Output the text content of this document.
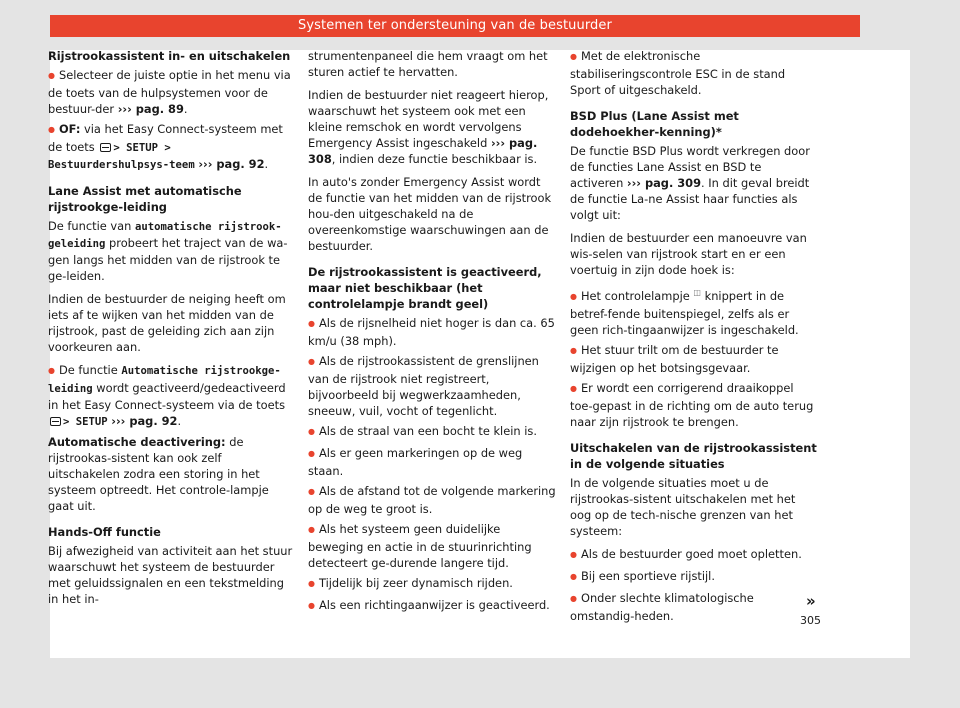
Systemen ter ondersteuning van de bestuurder

Rijstrookassistent in- en uitschakelen

● Selecteer de juiste optie in het menu via de toets van de hulpsystemen voor de bestuur-der ››› pag. 89.

● OF: via het Easy Connect-systeem met de toets > SETUP > Bestuurdershulpsys-teem ››› pag. 92.

Lane Assist met automatische rijstrookge-leiding

De functie van automatische rijstrook-geleiding probeert het traject van de wa-gen langs het midden van de rijstrook te ge-leiden.

Indien de bestuurder de neiging heeft om iets af te wijken van het midden van de rijstrook, past de geleiding zich aan zijn voorkeuren aan.

● De functie Automatische rijstrookge-leiding wordt geactiveerd/gedeactiveerd in het Easy Connect-systeem via de toets > SETUP ››› pag. 92.

Automatische deactivering: de rijstrookas-sistent kan ook zelf uitschakelen zodra een storing in het systeem optreedt. Het controle-lampje gaat uit.

Hands-Off functie

Bij afwezigheid van activiteit aan het stuur waarschuwt het systeem de bestuurder met geluidssignalen en een tekstmelding in het in-

strumentenpaneel die hem vraagt om het sturen actief te hervatten.

Indien de bestuurder niet reageert hierop, waarschuwt het systeem ook met een kleine remschok en wordt vervolgens Emergency Assist ingeschakeld ››› pag. 308, indien deze functie beschikbaar is.

In auto's zonder Emergency Assist wordt de functie van het midden van de rijstrook hou-den uitgeschakeld na de overeenkomstige waarschuwingen aan de bestuurder.

De rijstrookassistent is geactiveerd, maar niet beschikbaar (het controlelampje brandt geel)

● Als de rijsnelheid niet hoger is dan ca. 65 km/u (38 mph).

● Als de rijstrookassistent de grenslijnen van de rijstrook niet registreert, bijvoorbeeld bij wegwerkzaamheden, sneeuw, vuil, vocht of tegenlicht.

● Als de straal van een bocht te klein is.

● Als er geen markeringen op de weg staan.

● Als de afstand tot de volgende markering op de weg te groot is.

● Als het systeem geen duidelijke beweging en actie in de stuurinrichting detecteert ge-durende langere tijd.

● Tijdelijk bij zeer dynamisch rijden.

● Als een richtingaanwijzer is geactiveerd.

● Met de elektronische stabiliseringscontrole ESC in de stand Sport of uitgeschakeld.

BSD Plus (Lane Assist met dodehoekher-kenning)*

De functie BSD Plus wordt verkregen door de functies Lane Assist en BSD te activeren ››› pag. 309. In dit geval breidt de functie La-ne Assist haar functies als volgt uit:

Indien de bestuurder een manoeuvre van wis-selen van rijstrook start en er een voertuig in zijn dode hoek is:

● Het controlelampje ◫ knippert in de betref-fende buitenspiegel, zelfs als er geen rich-tingaanwijzer is ingeschakeld.

● Het stuur trilt om de bestuurder te wijzigen op het botsingsgevaar.

● Er wordt een corrigerend draaikoppel toe-gepast in de richting om de auto terug naar zijn rijstrook te brengen.

Uitschakelen van de rijstrookassistent in de volgende situaties

In de volgende situaties moet u de rijstrookas-sistent uitschakelen met het oog op de tech-nische grenzen van het systeem:

● Als de bestuurder goed moet opletten.

● Bij een sportieve rijstijl.

● Onder slechte klimatologische omstandig-heden.

»
305
